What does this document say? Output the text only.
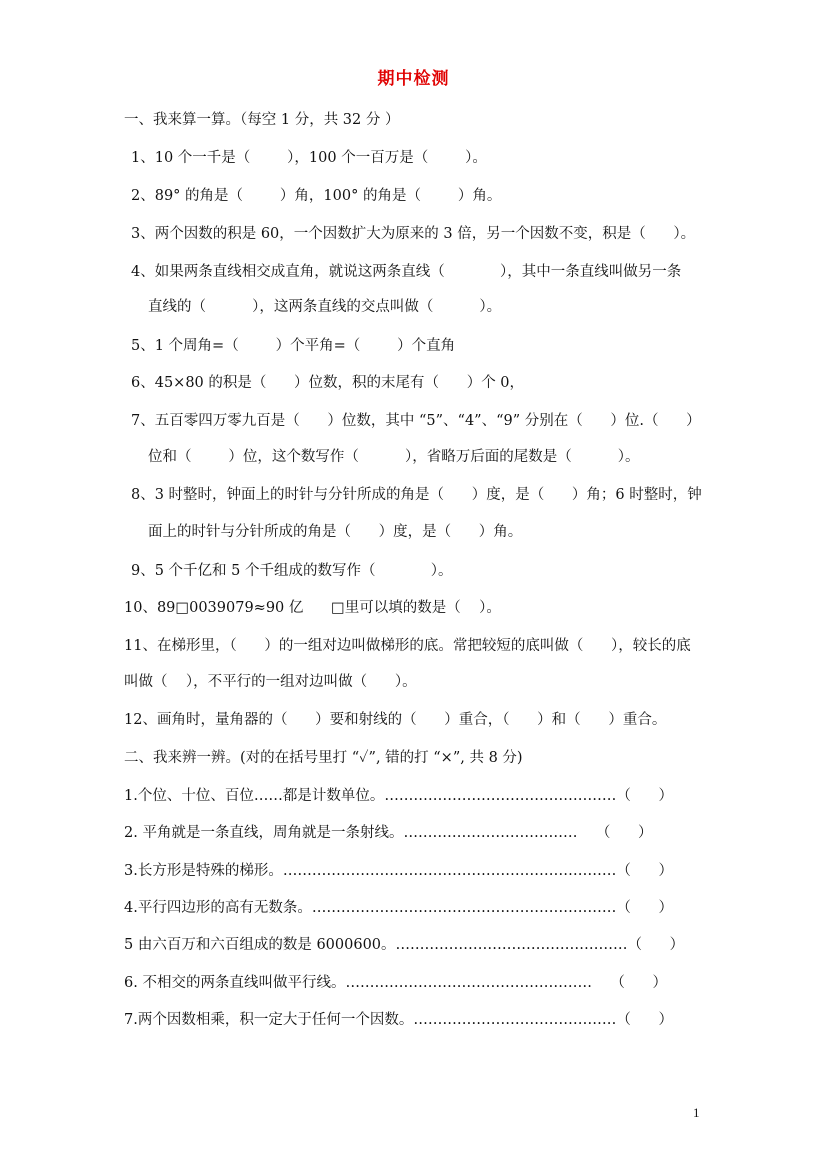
期中检测
一、我来算一算。（每空 1 分，共 32 分 ）
1、10 个一千是（        ），100 个一百万是（        ）。
2、89° 的角是（        ）角，100° 的角是（        ）角。
3、两个因数的积是 60，一个因数扩大为原来的 3 倍，另一个因数不变，积是（      ）。
4、如果两条直线相交成直角，就说这两条直线（            ），其中一条直线叫做另一条
直线的（          ），这两条直线的交点叫做（          ）。
5、1 个周角=（        ）个平角=（        ）个直角
6、45×80 的积是（      ）位数，积的末尾有（      ）个 0，
7、五百零四万零九百是（      ）位数，其中 “5”、“4”、“9” 分别在（      ）位.（      ）
位和（        ）位，这个数写作（          ），省略万后面的尾数是（          ）。
8、3 时整时，钟面上的时针与分针所成的角是（      ）度，是（      ）角；6 时整时，钟
面上的时针与分针所成的角是（      ）度，是（      ）角。
9、5 个千亿和 5 个千组成的数写作（            ）。
10、89□0039079≈90 亿      □里可以填的数是（    ）。
11、在梯形里，（      ）的一组对边叫做梯形的底。常把较短的底叫做（      ），较长的底
叫做（    ），不平行的一组对边叫做（      ）。
12、画角时，量角器的（      ）要和射线的（      ）重合，（      ）和（      ）重合。
二、我来辨一辨。(对的在括号里打 “✓”, 错的打 “×”, 共 8 分)
1.个位、十位、百位……都是计数单位。…………………………………………（      ）
2. 平角就是一条直线，周角就是一条射线。………………………………    （      ）
3.长方形是特殊的梯形。……………………………………………………………（      ）
4.平行四边形的高有无数条。………………………………………………………（      ）
5 由六百万和六百组成的数是 6000600。…………………………………………（      ）
6. 不相交的两条直线叫做平行线。……………………………………………    （      ）
7.两个因数相乘，积一定大于任何一个因数。……………………………………（      ）
1
